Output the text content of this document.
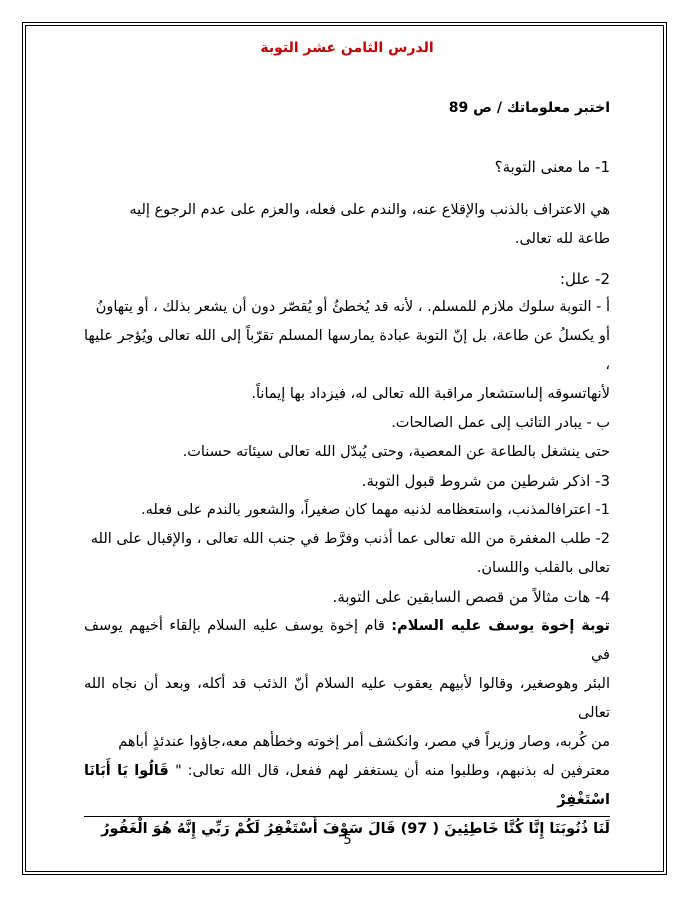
الدرس الثامن عشر التوبة

اختبر معلوماتك / ص 89

1- ما معنى التوبة؟

هي الاعتراف بالذنب والإقلاع عنه، والندم على فعله، والعزم على عدم الرجوع إليه

طاعة لله تعالى.

2- علل:

أ - التوبة سلوك ملازم للمسلم. ، لأنه قد يُخطئُ أو يُقصّر دون أن يشعر بذلك ، أو يتهاونُ

أو يكسلُ عن طاعة، بل إنّ التوبة عبادة يمارسها المسلم تقرّباً إلى الله تعالى ويُؤجر عليها ،

لأنهاتسوقه إلىاستشعار مراقبة الله تعالى له، فيزداد بها إيماناً.

ب - يبادر التائب إلى عمل الصالحات.

حتى ينشغل بالطاعة عن المعصية، وحتى يُبدّل الله تعالى سيئاته حسنات.

3- اذكر شرطين من شروط قبول التوبة.

1- اعترافالمذنب، واستعظامه لذنبه مهما كان صغيراً، والشعور بالندم على فعله.

2- طلب المغفرة من الله تعالى عما أذنب وفرَّط في جنب الله تعالى ، والإقبال على الله

تعالى بالقلب واللسان.

4- هات مثالاً من قصص السابقين على التوبة.

توبة إخوة يوسف عليه السلام: قام إخوة يوسف عليه السلام بإلقاء أخيهم يوسف في

البئر وهوصغير، وقالوا لأبيهم يعقوب عليه السلام أنّ الذئب قد أكله، وبعد أن نجاه الله تعالى

من كُربه، وصار وزيراً في مصر، وانكشف أمر إخوته وخطأهم معه،جاؤوا عندئذٍ أباهم

معترفين له بذنبهم، وطلبوا منه أن يستغفر لهم ففعل، قال الله تعالى: " قَالُوا يَا أَبَانَا اسْتَغْفِرْ

لَنَا ذُنُوبَنَا إِنَّا كُنَّا خَاطِئِينَ ( 97) قَالَ سَوْفَ أَسْتَغْفِرُ لَكُمْ رَبِّي إِنَّهُ هُوَ الْغَفُورُ

5
